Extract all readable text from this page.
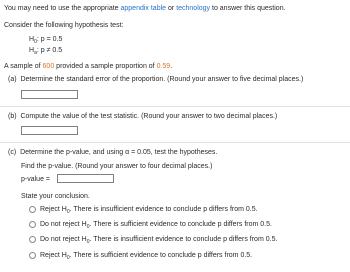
You may need to use the appropriate appendix table or technology to answer this question.
Consider the following hypothesis test:
$H_0$: p = 0.5
$H_a$: p ≠ 0.5
A sample of 600 provided a sample proportion of 0.59.
(a) Determine the standard error of the proportion. (Round your answer to five decimal places.)
(b) Compute the value of the test statistic. (Round your answer to two decimal places.)
(c) Determine the p-value, and using α = 0.05, test the hypotheses.
Find the p-value. (Round your answer to four decimal places.)
p-value =
State your conclusion.
Reject $H_0$. There is insufficient evidence to conclude p differs from 0.5.
Do not reject $H_0$. There is sufficient evidence to conclude p differs from 0.5.
Do not reject $H_0$. There is insufficient evidence to conclude p differs from 0.5.
Reject $H_0$. There is sufficient evidence to conclude p differs from 0.5.
